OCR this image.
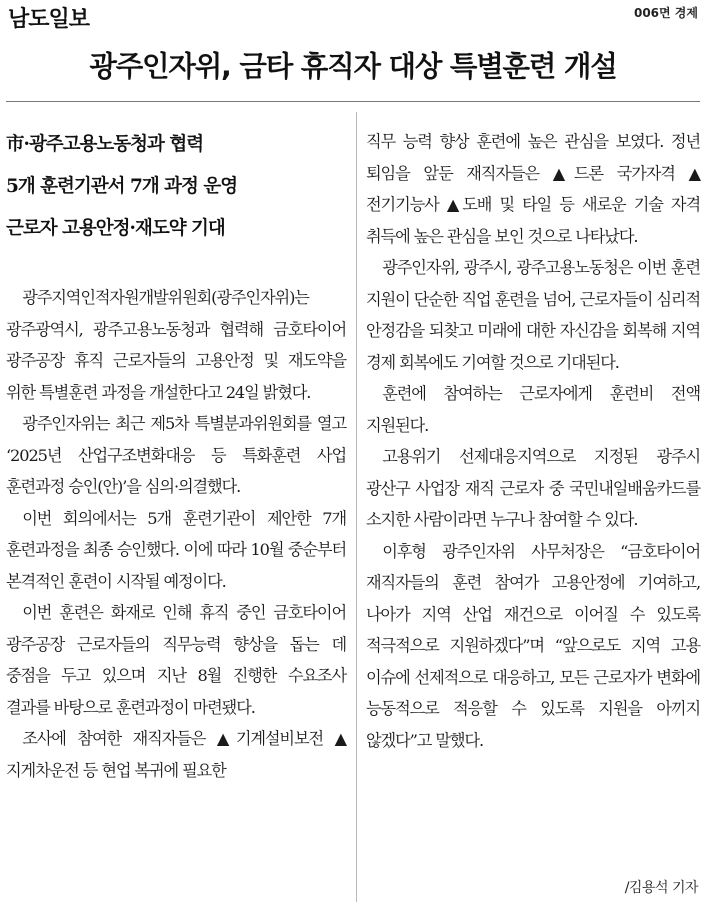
남도일보	006면 경제
광주인자위, 금타 휴직자 대상 특별훈련 개설
市·광주고용노동청과 협력
5개 훈련기관서 7개 과정 운영
근로자 고용안정·재도약 기대

광주지역인적자원개발위원회(광주인자위)는 광주광역시, 광주고용노동청과 협력해 금호타이어 광주공장 휴직 근로자들의 고용안정 및 재도약을 위한 특별훈련 과정을 개설한다고 24일 밝혔다.

광주인자위는 최근 제5차 특별분과위원회를 열고 ‘2025년 산업구조변화대응 등 특화훈련 사업 훈련과정 승인(안)’을 심의·의결했다.

이번 회의에서는 5개 훈련기관이 제안한 7개 훈련과정을 최종 승인했다. 이에 따라 10월 중순부터 본격적인 훈련이 시작될 예정이다.

이번 훈련은 화재로 인해 휴직 중인 금호타이어 광주공장 근로자들의 직무능력 향상을 돕는 데 중점을 두고 있으며 지난 8월 진행한 수요조사 결과를 바탕으로 훈련과정이 마련됐다.

조사에 참여한 재직자들은 ▲기계설비보전 ▲지게차운전 등 현업 복귀에 필요한

직무 능력 향상 훈련에 높은 관심을 보였다. 정년 퇴임을 앞둔 재직자들은 ▲드론 국가자격 ▲전기기능사 ▲도배 및 타일 등 새로운 기술 자격 취득에 높은 관심을 보인 것으로 나타났다.

광주인자위, 광주시, 광주고용노동청은 이번 훈련 지원이 단순한 직업 훈련을 넘어, 근로자들이 심리적 안정감을 되찾고 미래에 대한 자신감을 회복해 지역 경제 회복에도 기여할 것으로 기대된다.

훈련에 참여하는 근로자에게 훈련비 전액 지원된다.

고용위기 선제대응지역으로 지정된 광주시 광산구 사업장 재직 근로자 중 국민내일배움카드를 소지한 사람이라면 누구나 참여할 수 있다.

이후형 광주인자위 사무처장은 “금호타이어 재직자들의 훈련 참여가 고용안정에 기여하고, 나아가 지역 산업 재건으로 이어질 수 있도록 적극적으로 지원하겠다”며 “앞으로도 지역 고용 이슈에 선제적으로 대응하고, 모든 근로자가 변화에 능동적으로 적응할 수 있도록 지원을 아끼지 않겠다”고 말했다.

/김용석 기자
